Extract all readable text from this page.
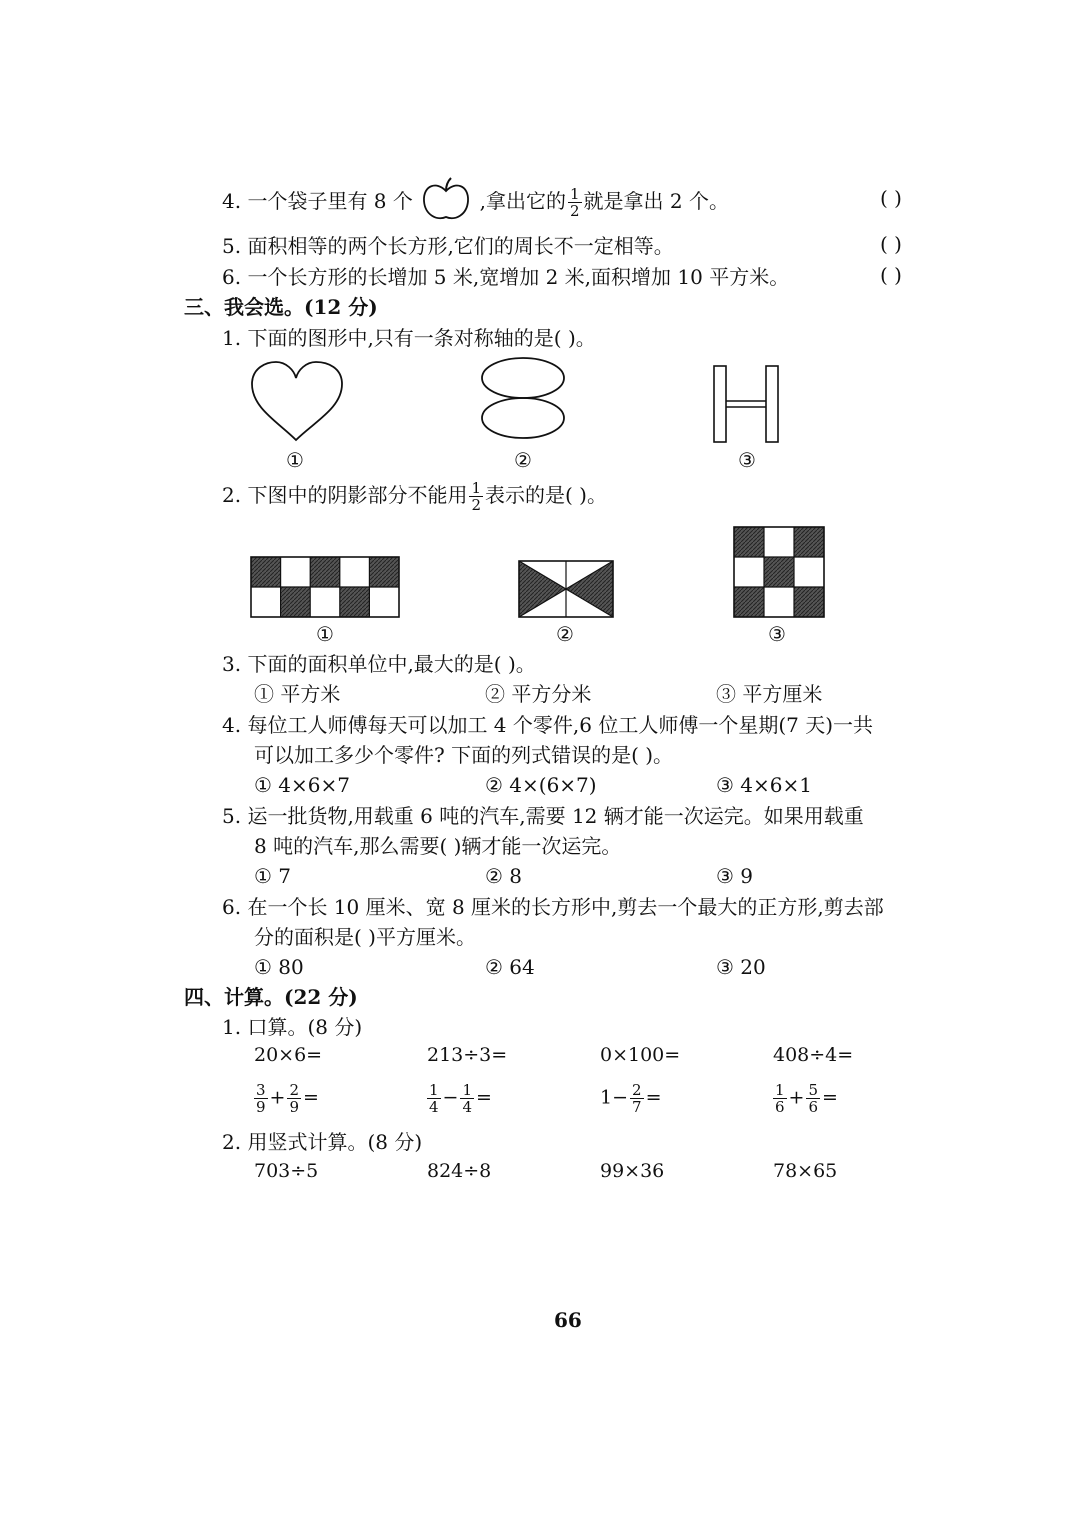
4. 一个袋子里有 8 个	,拿出它的 $\frac{1}{2}$ 就是拿出 2 个。	( )
5. 面积相等的两个长方形,它们的周长不一定相等。	( )
6. 一个长方形的长增加 5 米,宽增加 2 米,面积增加 10 平方米。	( )
三、我会选。(12 分)
1. 下面的图形中,只有一条对称轴的是( )。
①	②	③
2. 下图中的阴影部分不能用 $\frac{1}{2}$ 表示的是( )。
①	②	③
3. 下面的面积单位中,最大的是( )。
① 平方米	② 平方分米	③ 平方厘米
4. 每位工人师傅每天可以加工 4 个零件,6 位工人师傅一个星期(7 天)一共
可以加工多少个零件? 下面的列式错误的是( )。
① 4×6×7	② 4×(6×7)	③ 4×6×1
5. 运一批货物,用载重 6 吨的汽车,需要 12 辆才能一次运完。如果用载重
8 吨的汽车,那么需要( )辆才能一次运完。
① 7	② 8	③ 9
6. 在一个长 10 厘米、宽 8 厘米的长方形中,剪去一个最大的正方形,剪去部
分的面积是( )平方厘米。
① 80	② 64	③ 20
四、计算。(22 分)
1. 口算。(8 分)
20×6=	213÷3=	0×100=	408÷4=
$\frac{3}{9} + \frac{2}{9}$ =	$\frac{1}{4} - \frac{1}{4}$ =	$1- \frac{2}{7}$ =	$\frac{1}{6} + \frac{5}{6}$ =
2. 用竖式计算。(8 分)
703÷5	824÷8	99×36	78×65
66
